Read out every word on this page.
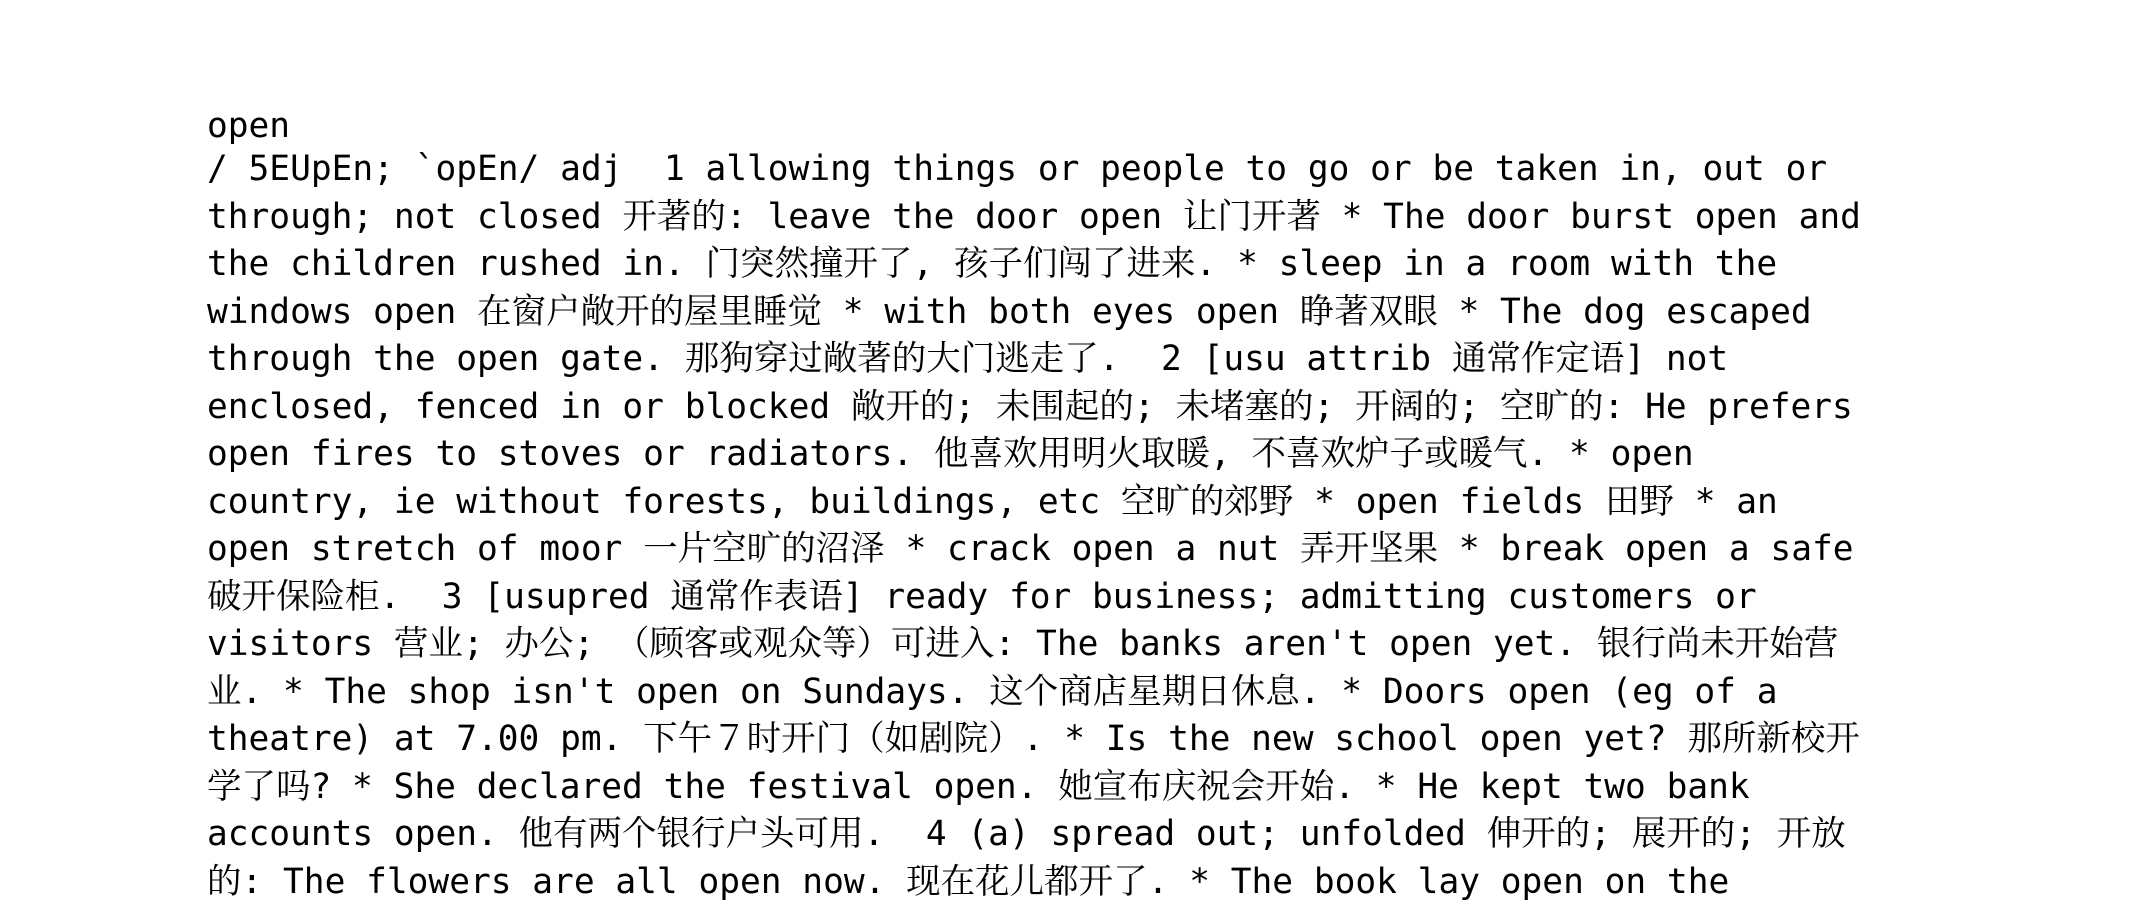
open
/ 5EUpEn; `opEn/ adj  1 allowing things or people to go or be taken in, out or
through; not closed 开著的: leave the door open 让门开著 * The door burst open and
the children rushed in. 门突然撞开了, 孩子们闯了进来. * sleep in a room with the
windows open 在窗户敞开的屋里睡觉 * with both eyes open 睁著双眼 * The dog escaped
through the open gate. 那狗穿过敞著的大门逃走了.  2 [usu attrib 通常作定语] not
enclosed, fenced in or blocked 敞开的; 未围起的; 未堵塞的; 开阔的; 空旷的: He prefers
open fires to stoves or radiators. 他喜欢用明火取暖, 不喜欢炉子或暖气. * open
country, ie without forests, buildings, etc 空旷的郊野 * open fields 田野 * an
open stretch of moor 一片空旷的沼泽 * crack open a nut 弄开坚果 * break open a safe
破开保险柜.  3 [usupred 通常作表语] ready for business; admitting customers or
visitors 营业; 办公; （顾客或观众等）可进入: The banks aren't open yet. 银行尚未开始营
业. * The shop isn't open on Sundays. 这个商店星期日休息. * Doors open (eg of a
theatre) at 7.00 pm. 下午７时开门（如剧院）. * Is the new school open yet? 那所新校开
学了吗? * She declared the festival open. 她宣布庆祝会开始. * He kept two bank
accounts open. 他有两个银行户头可用.  4 (a) spread out; unfolded 伸开的; 展开的; 开放
的: The flowers are all open now. 现在花儿都开了. * The book lay open on the
